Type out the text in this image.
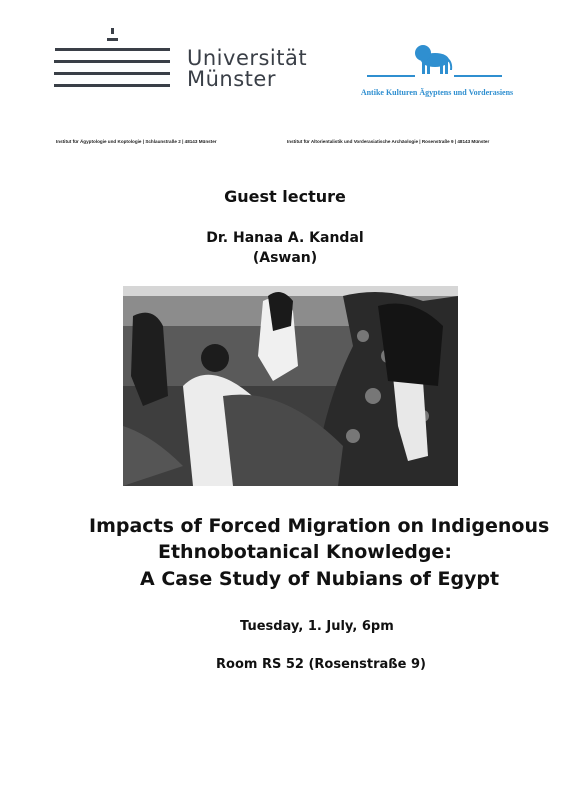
Universität
Münster
Antike Kulturen Ägyptens und Vorderasiens
Institut für Ägyptologie und Koptologie | Schlaunstraße 2 | 48143 Münster	Institut für Altorientalistik und Vorderasiatische Archäologie | Rosenstraße 9 | 48143 Münster
Guest lecture
Dr. Hanaa A. Kandal
(Aswan)
Impacts of Forced Migration on Indigenous
Ethnobotanical Knowledge:
A Case Study of Nubians of Egypt
Tuesday, 1. July, 6pm
Room RS 52 (Rosenstraße 9)
